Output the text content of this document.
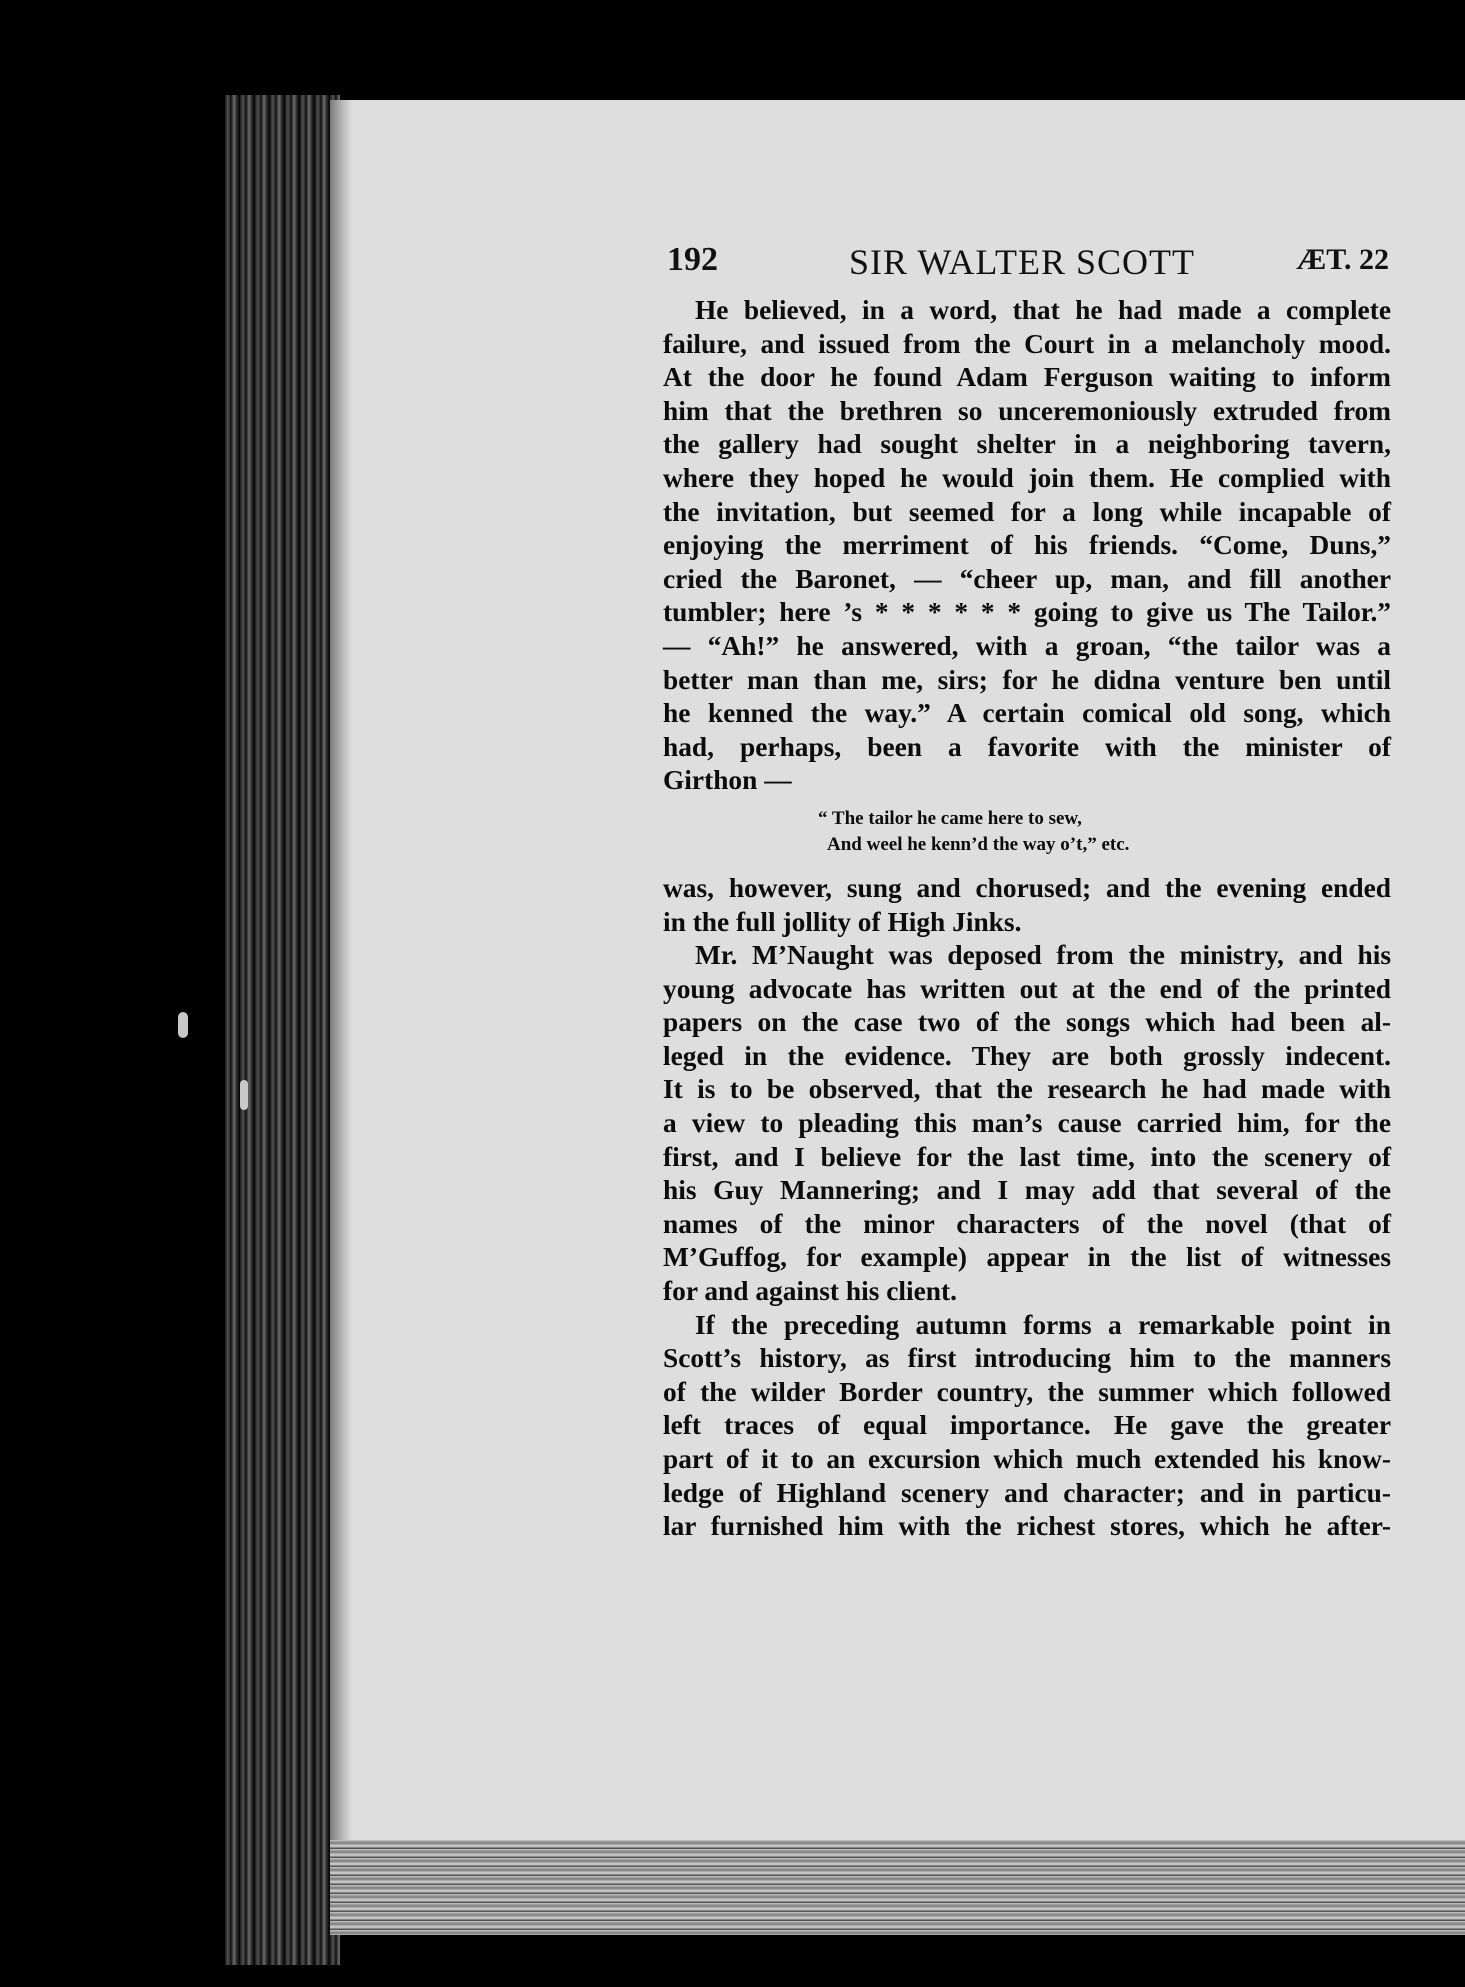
192	SIR WALTER SCOTT	ÆT. 22
He believed, in a word, that he had made a complete
failure, and issued from the Court in a melancholy mood.
At the door he found Adam Ferguson waiting to inform
him that the brethren so unceremoniously extruded from
the gallery had sought shelter in a neighboring tavern,
where they hoped he would join them. He complied with
the invitation, but seemed for a long while incapable of
enjoying the merriment of his friends. “Come, Duns,”
cried the Baronet, — “cheer up, man, and fill another
tumbler; here ’s * * * * * * going to give us The Tailor.”
— “Ah!” he answered, with a groan, “the tailor was a
better man than me, sirs; for he didna venture ben until
he kenned the way.” A certain comical old song, which
had, perhaps, been a favorite with the minister of
Girthon —
“ The tailor he came here to sew,
And weel he kenn’d the way o’t,” etc.
was, however, sung and chorused; and the evening ended
in the full jollity of High Jinks.
Mr. M’Naught was deposed from the ministry, and his
young advocate has written out at the end of the printed
papers on the case two of the songs which had been al-
leged in the evidence. They are both grossly indecent.
It is to be observed, that the research he had made with
a view to pleading this man’s cause carried him, for the
first, and I believe for the last time, into the scenery of
his Guy Mannering; and I may add that several of the
names of the minor characters of the novel (that of
M’Guffog, for example) appear in the list of witnesses
for and against his client.
If the preceding autumn forms a remarkable point in
Scott’s history, as first introducing him to the manners
of the wilder Border country, the summer which followed
left traces of equal importance. He gave the greater
part of it to an excursion which much extended his know-
ledge of Highland scenery and character; and in particu-
lar furnished him with the richest stores, which he after-
